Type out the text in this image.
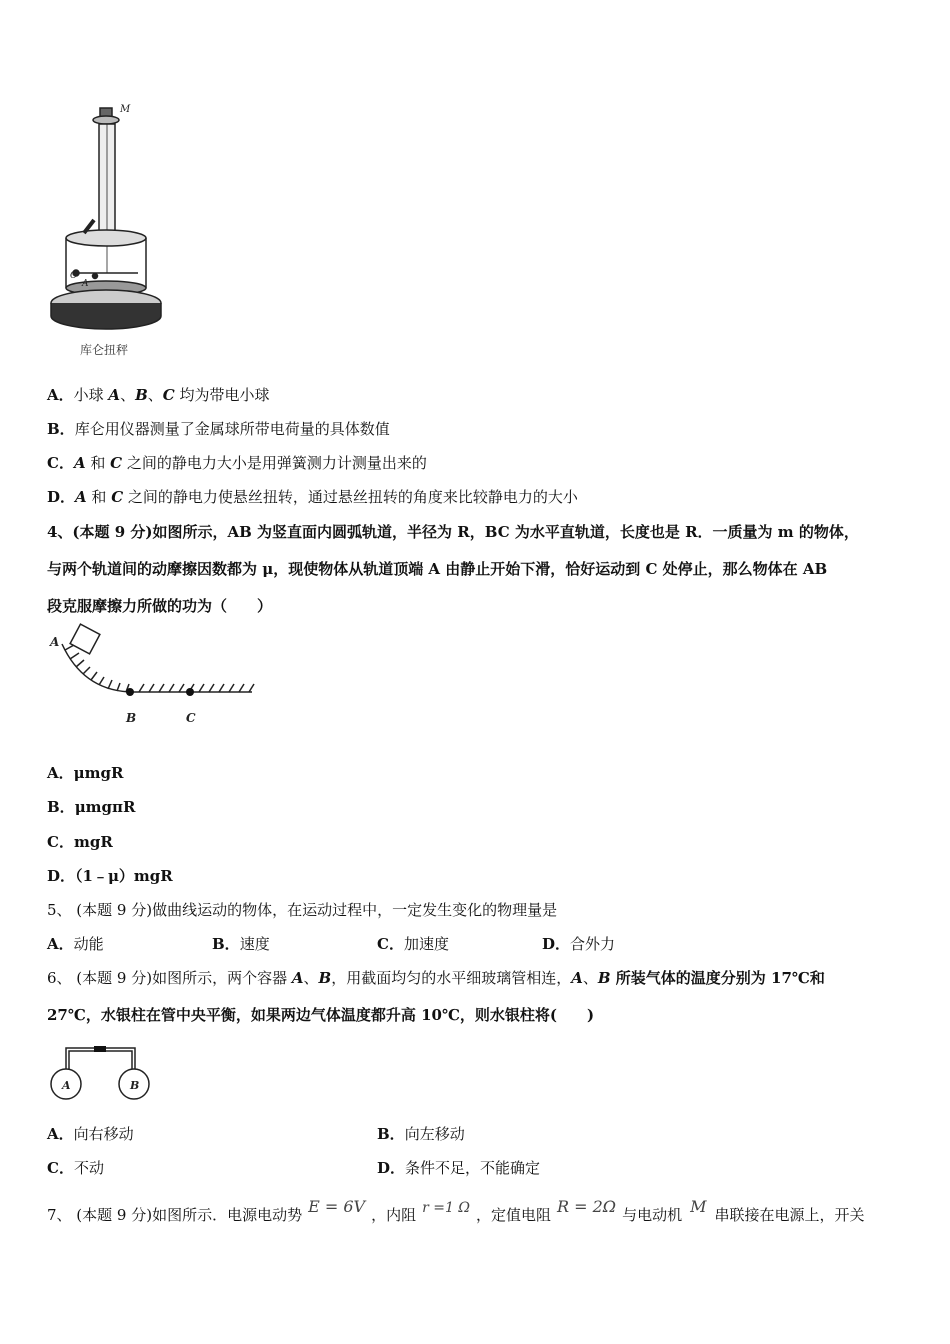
M
A
C
库仑扭秤
A．小球 A、B、C 均为带电小球
B．库仑用仪器测量了金属球所带电荷量的具体数值
C．A 和 C 之间的静电力大小是用弹簧测力计测量出来的
D．A 和 C 之间的静电力使悬丝扭转，通过悬丝扭转的角度来比较静电力的大小
4、(本题 9 分)如图所示，AB 为竖直面内圆弧轨道，半径为 R，BC 为水平直轨道，长度也是 R．一质量为 m 的物体，
与两个轨道间的动摩擦因数都为 μ，现使物体从轨道顶端 A 由静止开始下滑，恰好运动到 C 处停止，那么物体在 AB
段克服摩擦力所做的功为（　　）
A
B	C
A．μmgR
B．μmgπR
C．mgR
D．（1﹣μ）mgR
5、 (本题 9 分)做曲线运动的物体，在运动过程中，一定发生变化的物理量是
A．动能	B．速度	C．加速度	D．合外力
6、 (本题 9 分)如图所示，两个容器 A、B，用截面均匀的水平细玻璃管相连，A、B 所装气体的温度分别为 17℃和
27℃，水银柱在管中央平衡，如果两边气体温度都升高 10℃，则水银柱将(　　)
A	B
A．向右移动	B．向左移动
C．不动	D．条件不足，不能确定
7、 (本题 9 分)如图所示．电源电动势 E = 6V ，内阻 r =1 Ω ，定值电阻 R = 2Ω 与电动机 M 串联接在电源上，开关
